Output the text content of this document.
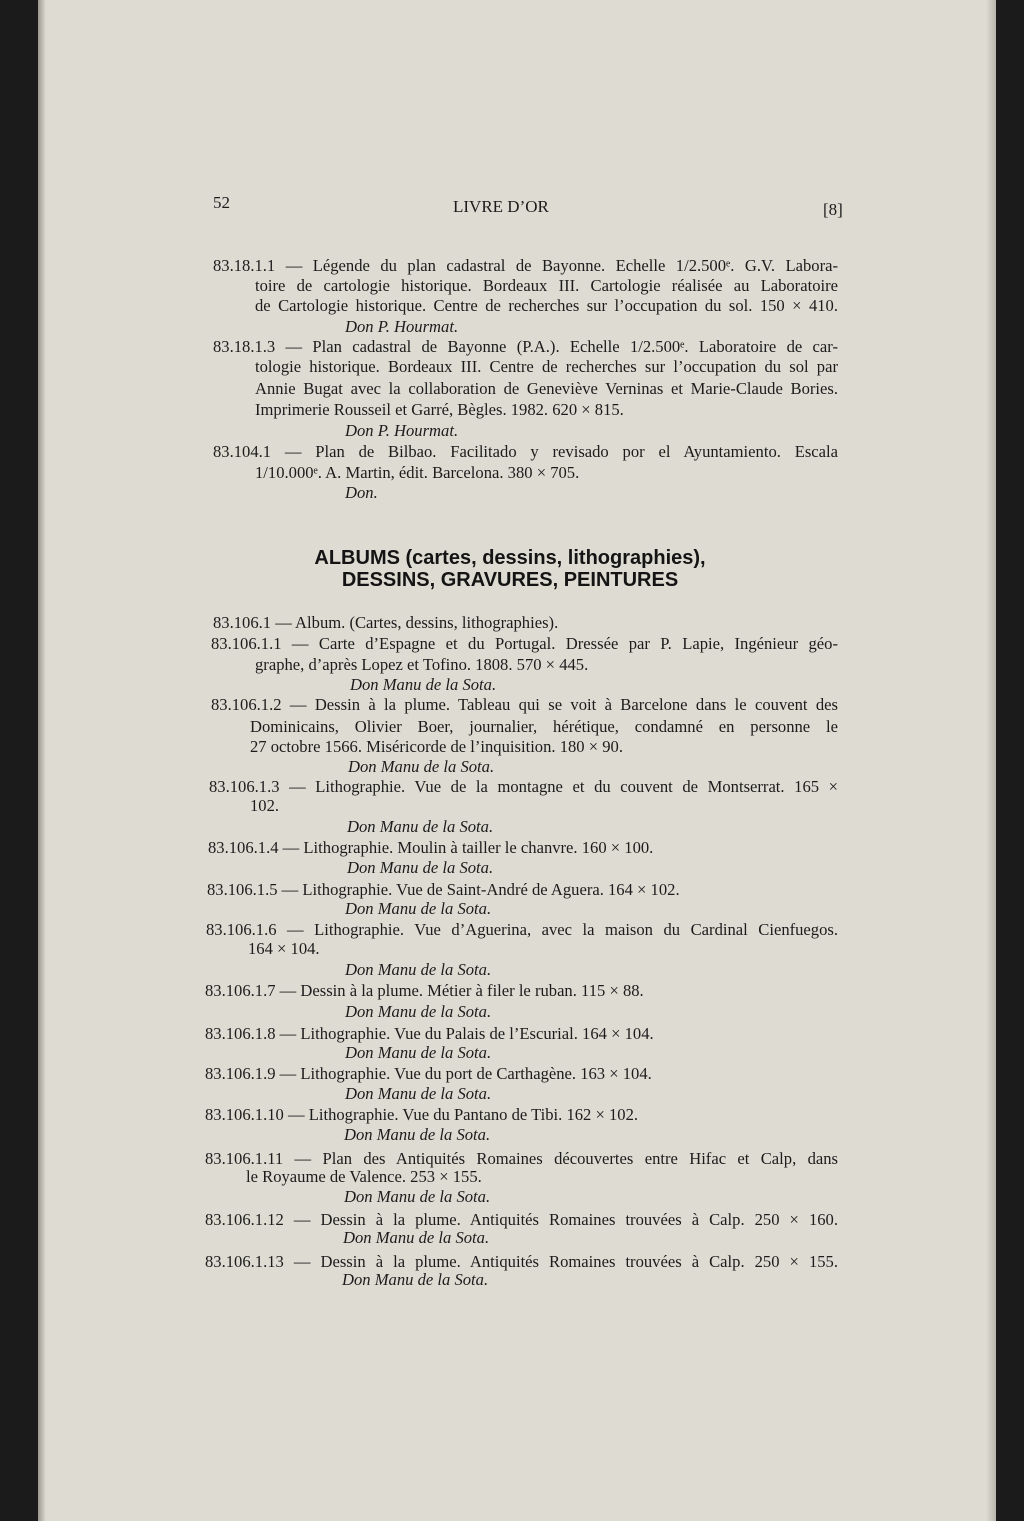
52	LIVRE D’OR	[8]
ALBUMS (cartes, dessins, lithographies),
DESSINS, GRAVURES, PEINTURES
83.18.1.1 — Légende du plan cadastral de Bayonne. Echelle 1/2.500ᵉ. G.V. Labora-
toire de cartologie historique. Bordeaux III. Cartologie réalisée au Laboratoire
de Cartologie historique. Centre de recherches sur l’occupation du sol. 150 × 410.
Don P. Hourmat.
83.18.1.3 — Plan cadastral de Bayonne (P.A.). Echelle 1/2.500ᵉ. Laboratoire de car-
tologie historique. Bordeaux III. Centre de recherches sur l’occupation du sol par
Annie Bugat avec la collaboration de Geneviève Verninas et Marie-Claude Bories.
Imprimerie Rousseil et Garré, Bègles. 1982. 620 × 815.
Don P. Hourmat.
83.104.1 — Plan de Bilbao. Facilitado y revisado por el Ayuntamiento. Escala
1/10.000ᵉ. A. Martin, édit. Barcelona. 380 × 705.
Don.
83.106.1 — Album. (Cartes, dessins, lithographies).
83.106.1.1 — Carte d’Espagne et du Portugal. Dressée par P. Lapie, Ingénieur géo-
graphe, d’après Lopez et Tofino. 1808. 570 × 445.
Don Manu de la Sota.
83.106.1.2 — Dessin à la plume. Tableau qui se voit à Barcelone dans le couvent des
Dominicains, Olivier Boer, journalier, hérétique, condamné en personne le
27 octobre 1566. Miséricorde de l’inquisition. 180 × 90.
Don Manu de la Sota.
83.106.1.3 — Lithographie. Vue de la montagne et du couvent de Montserrat. 165 ×
102.
Don Manu de la Sota.
83.106.1.4 — Lithographie. Moulin à tailler le chanvre. 160 × 100.
Don Manu de la Sota.
83.106.1.5 — Lithographie. Vue de Saint-André de Aguera. 164 × 102.
Don Manu de la Sota.
83.106.1.6 — Lithographie. Vue d’Aguerina, avec la maison du Cardinal Cienfuegos.
164 × 104.
Don Manu de la Sota.
83.106.1.7 — Dessin à la plume. Métier à filer le ruban. 115 × 88.
Don Manu de la Sota.
83.106.1.8 — Lithographie. Vue du Palais de l’Escurial. 164 × 104.
Don Manu de la Sota.
83.106.1.9 — Lithographie. Vue du port de Carthagène. 163 × 104.
Don Manu de la Sota.
83.106.1.10 — Lithographie. Vue du Pantano de Tibi. 162 × 102.
Don Manu de la Sota.
83.106.1.11 — Plan des Antiquités Romaines découvertes entre Hifac et Calp, dans
le Royaume de Valence. 253 × 155.
Don Manu de la Sota.
83.106.1.12 — Dessin à la plume. Antiquités Romaines trouvées à Calp. 250 × 160.
Don Manu de la Sota.
83.106.1.13 — Dessin à la plume. Antiquités Romaines trouvées à Calp. 250 × 155.
Don Manu de la Sota.
